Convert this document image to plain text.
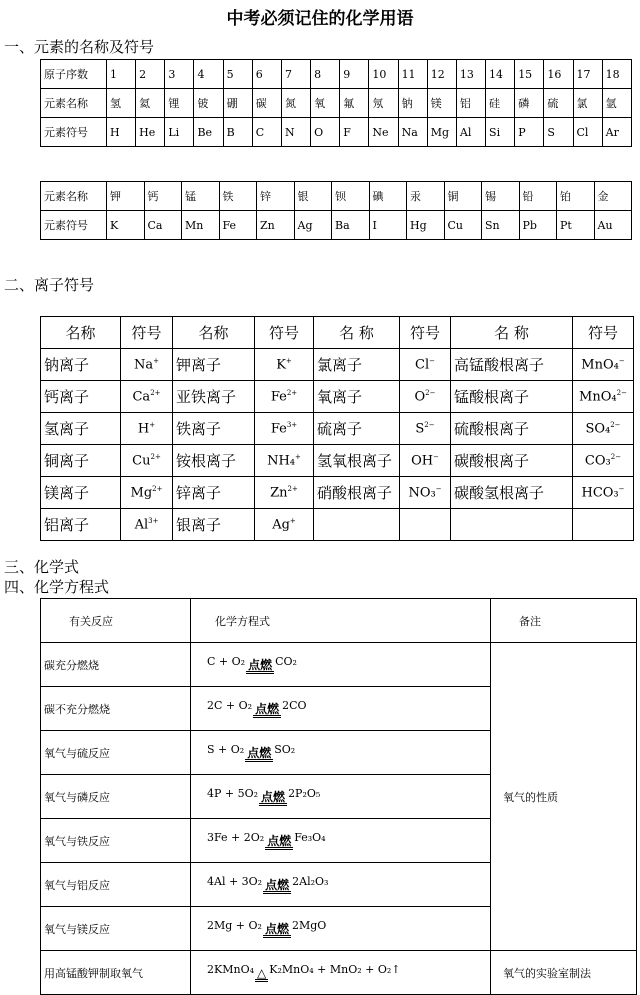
中考必须记住的化学用语
一、元素的名称及符号
原子序数	1	2	3	4	5	6	7	8	9	10	11	12	13	14	15	16	17	18
元素名称	氢	氦	锂	铍	硼	碳	氮	氧	氟	氖	钠	镁	铝	硅	磷	硫	氯	氩
元素符号	H	He	Li	Be	B	C	N	O	F	Ne	Na	Mg	Al	Si	P	S	Cl	Ar
元素名称	钾	钙	锰	铁	锌	银	钡	碘	汞	铜	锡	铅	铂	金
元素符号	K	Ca	Mn	Fe	Zn	Ag	Ba	I	Hg	Cu	Sn	Pb	Pt	Au
二、离子符号
名称	符号	名称	符号	名 称	符号	名 称	符号
钠离子	Na+	钾离子	K+	氯离子	Cl−	高锰酸根离子	MnO₄−
钙离子	$Ca^{2+}$	亚铁离子	$Fe^{2+}$	氧离子	$O^{2-}$	锰酸根离子	MnO₄$^{2-}$
氢离子	H+	铁离子	$Fe^{3+}$	硫离子	$S^{2-}$	硫酸根离子	SO₄$^{2-}$
铜离子	$Cu^{2+}$	铵根离子	NH₄+	氢氧根离子	OH−	碳酸根离子	CO₃$^{2-}$
镁离子	$Mg^{2+}$	锌离子	$Zn^{2+}$	硝酸根离子	NO₃−	碳酸氢根离子	HCO₃−
铝离子	$Al^{3+}$	银离子	Ag+				
三、化学式
四、化学方程式
有关反应	化学方程式	备注
碳充分燃烧	C + O₂ 点燃 CO₂	氧气的性质
碳不充分燃烧	2C + O₂ 点燃 2CO	
氧气与硫反应	S + O₂ 点燃 SO₂	
氧气与磷反应	4P + 5O₂ 点燃 2P₂O₅	
氧气与铁反应	3Fe + 2O₂ 点燃 Fe₃O₄	
氧气与铝反应	4Al + 3O₂ 点燃 2Al₂O₃	
氧气与镁反应	2Mg + O₂ 点燃 2MgO	
用高锰酸钾制取氧气	2KMnO₄ △ K₂MnO₄ + MnO₂ + O₂↑	氧气的实验室制法
